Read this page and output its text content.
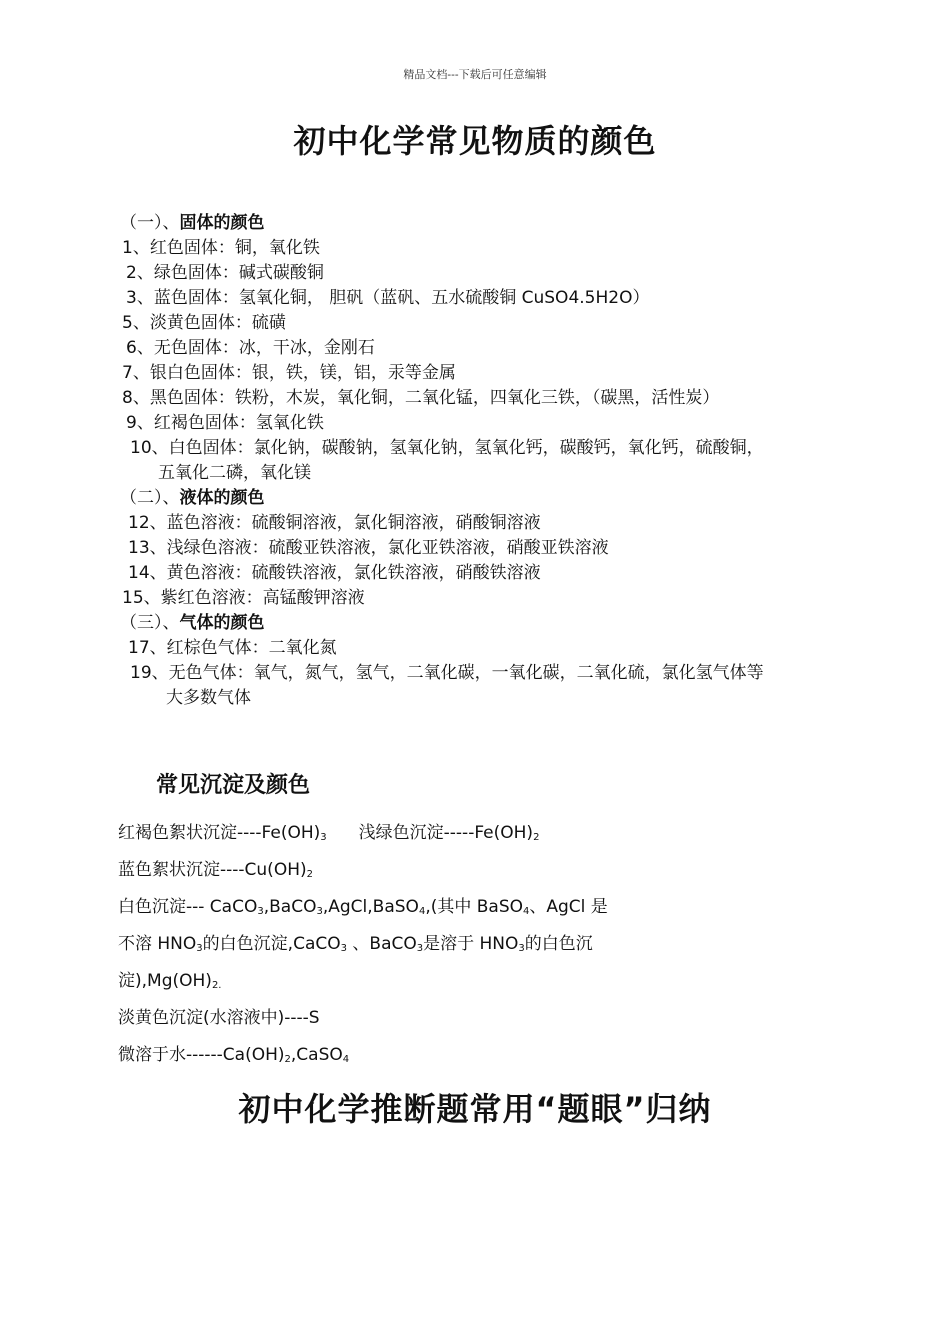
精品文档---下载后可任意编辑
初中化学常见物质的颜色
（一）、固体的颜色
1、红色固体：铜，氧化铁
2、绿色固体：碱式碳酸铜
3、蓝色固体：氢氧化铜， 胆矾（蓝矾、五水硫酸铜 CuSO4.5H2O）
5、淡黄色固体：硫磺
6、无色固体：冰，干冰，金刚石
7、银白色固体：银，铁，镁，铝，汞等金属
8、黑色固体：铁粉，木炭，氧化铜，二氧化锰，四氧化三铁，（碳黑，活性炭）
9、红褐色固体：氢氧化铁
10、白色固体：氯化钠，碳酸钠，氢氧化钠，氢氧化钙，碳酸钙，氧化钙，硫酸铜，
五氧化二磷，氧化镁
（二）、液体的颜色
12、蓝色溶液：硫酸铜溶液，氯化铜溶液，硝酸铜溶液
13、浅绿色溶液：硫酸亚铁溶液，氯化亚铁溶液，硝酸亚铁溶液
14、黄色溶液：硫酸铁溶液，氯化铁溶液，硝酸铁溶液
15、紫红色溶液：高锰酸钾溶液
（三）、气体的颜色
17、红棕色气体：二氧化氮
19、无色气体：氧气，氮气，氢气，二氧化碳，一氧化碳，二氧化硫，氯化氢气体等
大多数气体
常见沉淀及颜色
红褐色絮状沉淀$----Fe(OH)_3$ 浅绿色沉淀$-----Fe(OH)_2$
蓝色絮状沉淀$----Cu(OH)_2$
白色沉淀--- CaCO$_3$,BaCO$_3$,AgCl,BaSO$_4$,(其中 BaSO$_4$、AgCl 是
不溶 $HNO_3$的白色沉淀,CaCO$_3$ 、BaCO$_3$是溶于 $HNO_3$的白色沉
淀)$,Mg(OH)_{2.}$
淡黄色沉淀(水溶液中)----S
微溶于水$------Ca(OH)_2,CaSO_4$
初中化学推断题常用“题眼”归纳
